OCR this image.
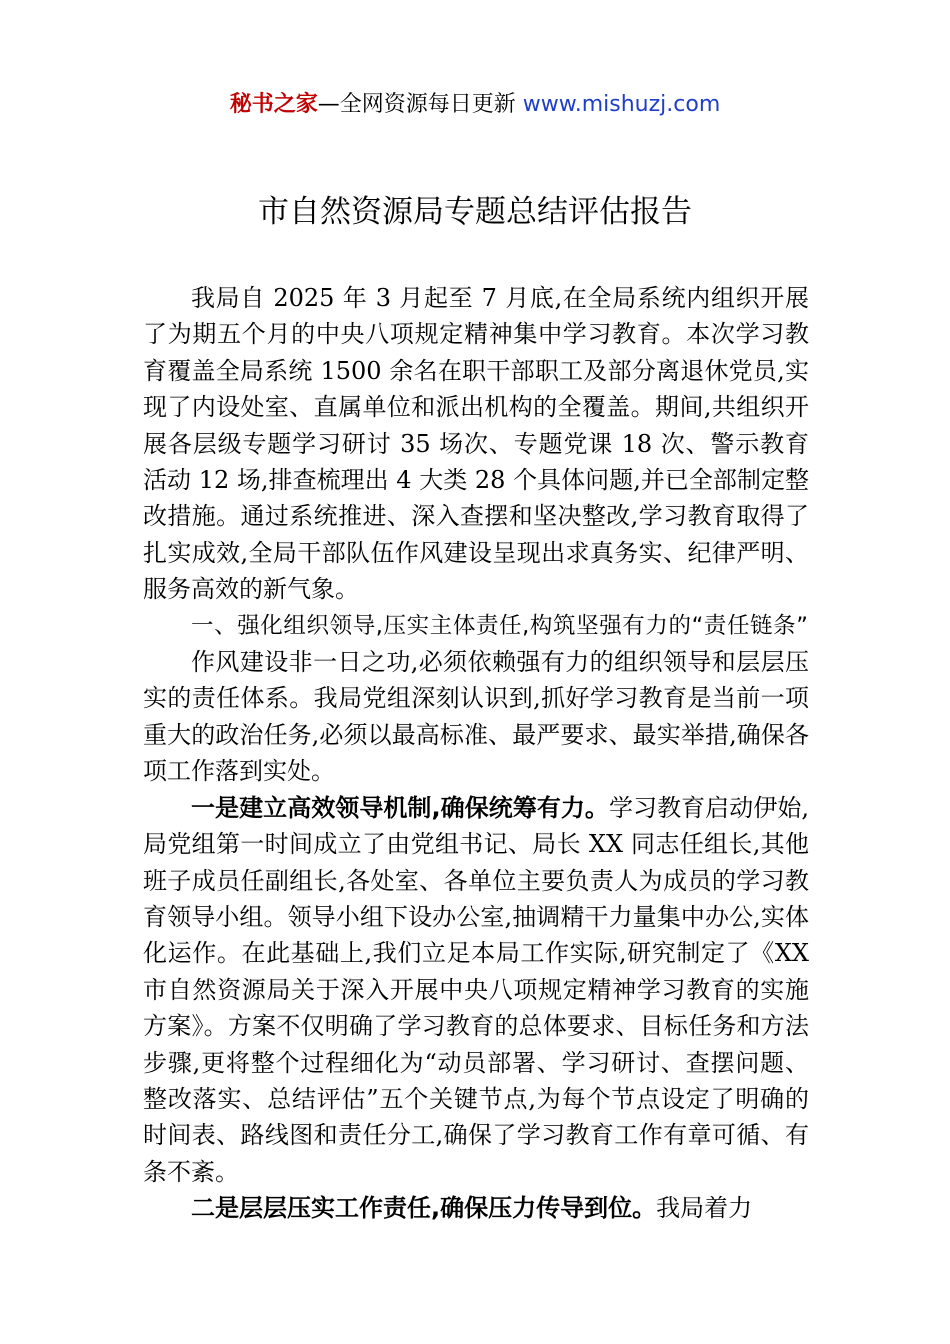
秘书之家—全网资源每日更新 www.mishuzj.com
市自然资源局专题总结评估报告

我局自 2025 年 3 月起至 7 月底,在全局系统内组织开展了为期五个月的中央八项规定精神集中学习教育。本次学习教育覆盖全局系统 1500 余名在职干部职工及部分离退休党员,实现了内设处室、直属单位和派出机构的全覆盖。期间,共组织开展各层级专题学习研讨 35 场次、专题党课 18 次、警示教育活动 12 场,排查梳理出 4 大类 28 个具体问题,并已全部制定整改措施。通过系统推进、深入查摆和坚决整改,学习教育取得了扎实成效,全局干部队伍作风建设呈现出求真务实、纪律严明、服务高效的新气象。

一、强化组织领导,压实主体责任,构筑坚强有力的“责任链条”

作风建设非一日之功,必须依赖强有力的组织领导和层层压实的责任体系。我局党组深刻认识到,抓好学习教育是当前一项重大的政治任务,必须以最高标准、最严要求、最实举措,确保各项工作落到实处。

一是建立高效领导机制,确保统筹有力。学习教育启动伊始,局党组第一时间成立了由党组书记、局长 XX 同志任组长,其他班子成员任副组长,各处室、各单位主要负责人为成员的学习教育领导小组。领导小组下设办公室,抽调精干力量集中办公,实体化运作。在此基础上,我们立足本局工作实际,研究制定了《XX 市自然资源局关于深入开展中央八项规定精神学习教育的实施方案》。方案不仅明确了学习教育的总体要求、目标任务和方法步骤,更将整个过程细化为“动员部署、学习研讨、查摆问题、整改落实、总结评估”五个关键节点,为每个节点设定了明确的时间表、路线图和责任分工,确保了学习教育工作有章可循、有条不紊。

二是层层压实工作责任,确保压力传导到位。我局着力
